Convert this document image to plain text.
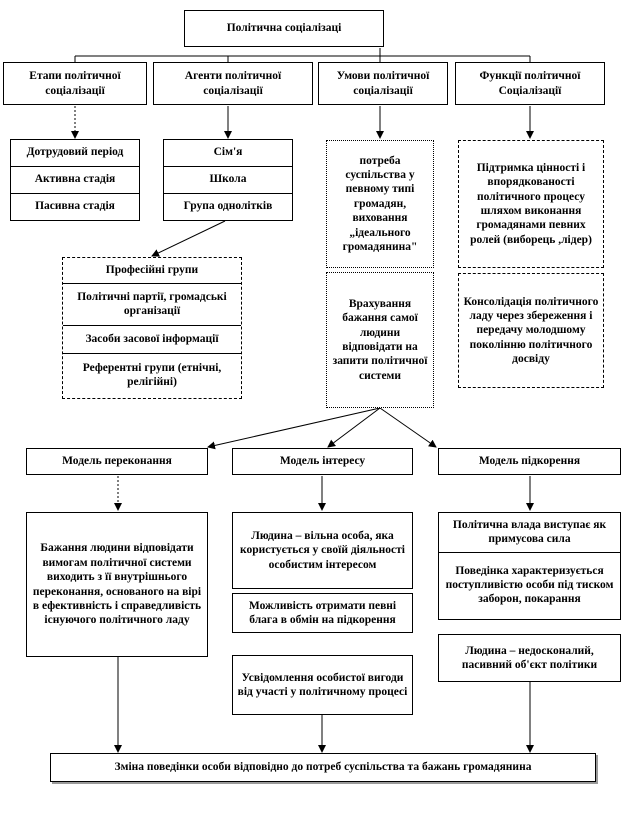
Політична соціалізаці
Етапи політичної соціалізації
Агенти політичної соціалізації
Умови політичної соціалізації
Функції політичної Соціалізації
Дотрудовий період
Активна стадія
Пасивна стадія
Сім'я
Школа
Група однолітків
Професійні групи
Політичні партії, громадські організації
Засоби засової інформації
Референтні групи (етнічні, релігійні)
потреба суспільства у певному типі громадян, виховання „ідеального громадянина"
Врахування бажання самої людини відповідати на запити політичної системи
Підтримка цінності і впорядкованості політичного процесу шляхом виконання громадянами певних ролей (виборець ,лідер)
Консолідація політичного ладу через збереження і передачу молодшому поколінню політичного досвіду
Модель переконання	Модель інтересу	Модель підкорення
Бажання людини відповідати вимогам політичної системи виходить з її внутрішнього переконання, основаного на вірі в ефективність і справедливість існуючого політичного ладу
Людина – вільна особа, яка користується у своїй діяльності особистим інтересом
Можливість отримати певні блага в обмін на підкорення
Усвідомлення особистої вигоди від участі у політичному процесі
Політична влада виступає як примусова сила
Поведінка характеризується поступливістю особи під тиском заборон, покарання
Людина – недосконалий, пасивний об'єкт політики
Зміна поведінки особи відповідно до потреб суспільства та бажань громадянина
